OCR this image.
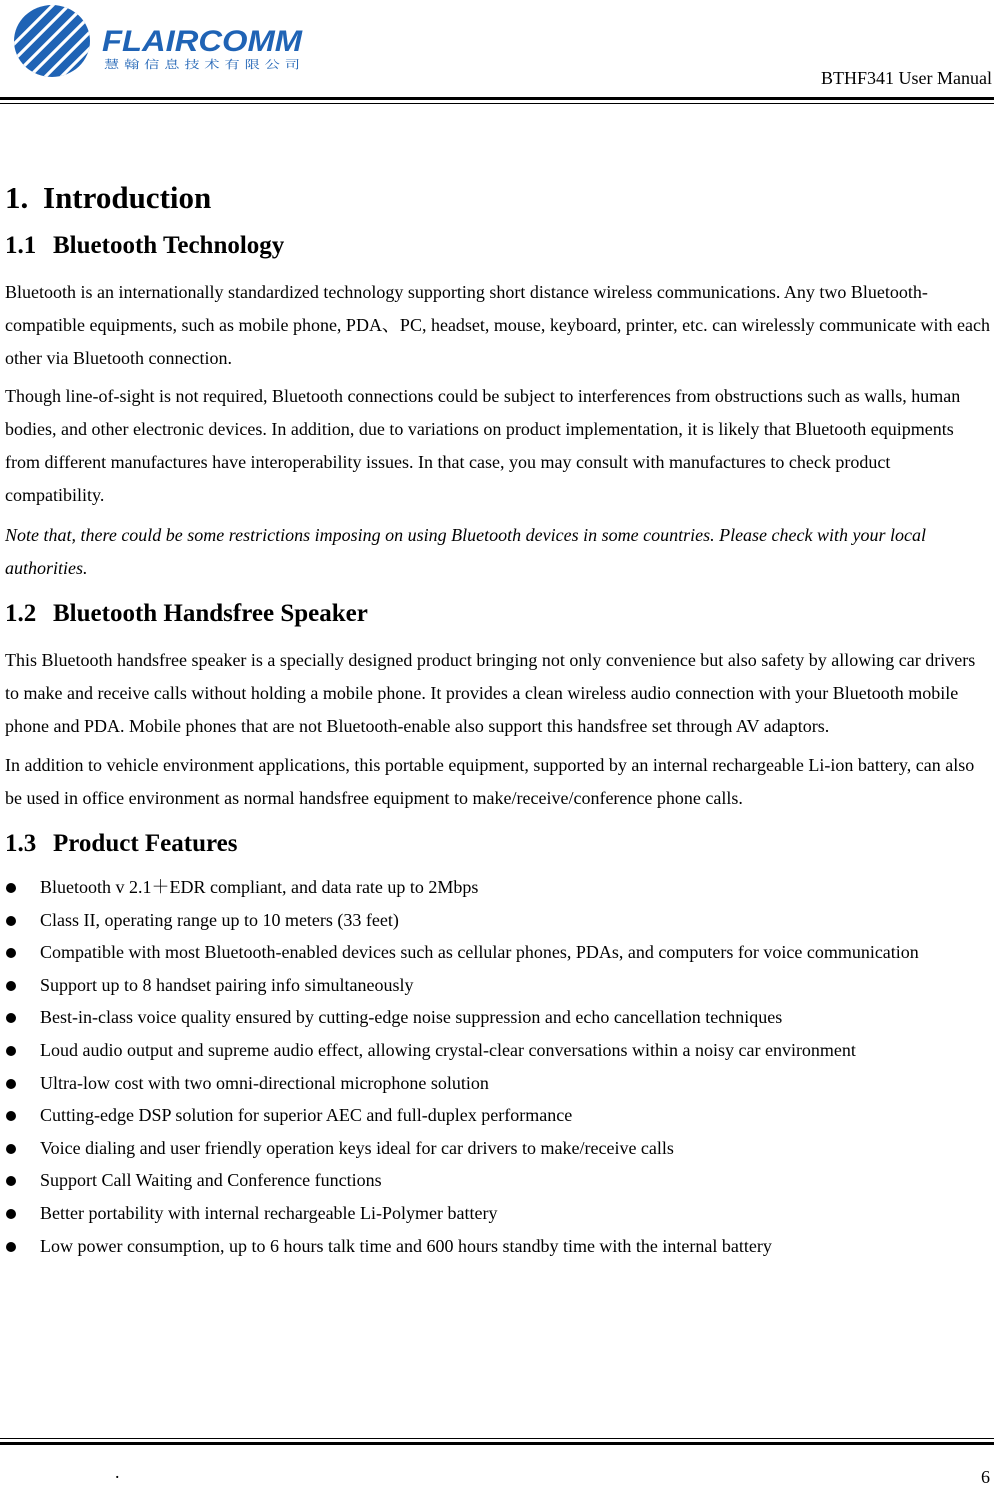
FLAIRCOMM
慧 翰 信 息 技 术 有 限 公 司
BTHF341 User Manual
1. Introduction
1.1 Bluetooth Technology

Bluetooth is an internationally standardized technology supporting short distance wireless communications. Any two Bluetooth-compatible equipments, such as mobile phone, PDA、PC, headset, mouse, keyboard, printer, etc. can wirelessly communicate with each other via Bluetooth connection.

Though line-of-sight is not required, Bluetooth connections could be subject to interferences from obstructions such as walls, human bodies, and other electronic devices. In addition, due to variations on product implementation, it is likely that Bluetooth equipments from different manufactures have interoperability issues. In that case, you may consult with manufactures to check product compatibility.

Note that, there could be some restrictions imposing on using Bluetooth devices in some countries. Please check with your local authorities.

1.2 Bluetooth Handsfree Speaker

This Bluetooth handsfree speaker is a specially designed product bringing not only convenience but also safety by allowing car drivers to make and receive calls without holding a mobile phone. It provides a clean wireless audio connection with your Bluetooth mobile phone and PDA. Mobile phones that are not Bluetooth-enable also support this handsfree set through AV adaptors.

In addition to vehicle environment applications, this portable equipment, supported by an internal rechargeable Li-ion battery, can also be used in office environment as normal handsfree equipment to make/receive/conference phone calls.

1.3 Product Features
Bluetooth v 2.1＋EDR compliant, and data rate up to 2Mbps
Class II, operating range up to 10 meters (33 feet)
Compatible with most Bluetooth-enabled devices such as cellular phones, PDAs, and computers for voice communication
Support up to 8 handset pairing info simultaneously
Best-in-class voice quality ensured by cutting-edge noise suppression and echo cancellation techniques
Loud audio output and supreme audio effect, allowing crystal-clear conversations within a noisy car environment
Ultra-low cost with two omni-directional microphone solution
Cutting-edge DSP solution for superior AEC and full-duplex performance
Voice dialing and user friendly operation keys ideal for car drivers to make/receive calls
Support Call Waiting and Conference functions
Better portability with internal rechargeable Li-Polymer battery
Low power consumption, up to 6 hours talk time and 600 hours standby time with the internal battery
.	6
